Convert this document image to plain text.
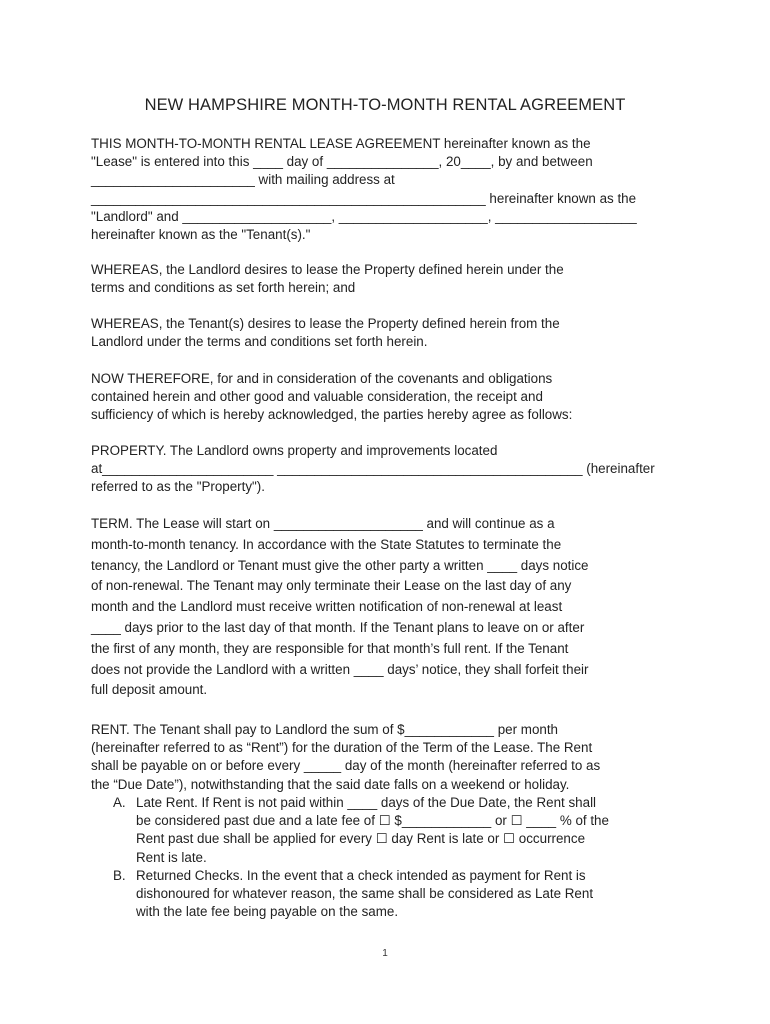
NEW HAMPSHIRE MONTH-TO-MONTH RENTAL AGREEMENT
THIS MONTH-TO-MONTH RENTAL LEASE AGREEMENT hereinafter known as the
"Lease" is entered into this ____ day of _______________, 20____, by and between
______________________ with mailing address at
_____________________________________________________ hereinafter known as the
"Landlord" and ____________________, ____________________, ___________________
hereinafter known as the "Tenant(s)."
WHEREAS, the Landlord desires to lease the Property defined herein under the
terms and conditions as set forth herein; and
WHEREAS, the Tenant(s) desires to lease the Property defined herein from the
Landlord under the terms and conditions set forth herein.
NOW THEREFORE, for and in consideration of the covenants and obligations
contained herein and other good and valuable consideration, the receipt and
sufficiency of which is hereby acknowledged, the parties hereby agree as follows:
PROPERTY. The Landlord owns property and improvements located
at_______________________ _________________________________________ (hereinafter
referred to as the "Property").
TERM. The Lease will start on ____________________ and will continue as a
month-to-month tenancy. In accordance with the State Statutes to terminate the
tenancy, the Landlord or Tenant must give the other party a written ____ days notice
of non-renewal. The Tenant may only terminate their Lease on the last day of any
month and the Landlord must receive written notification of non-renewal at least
____ days prior to the last day of that month. If the Tenant plans to leave on or after
the first of any month, they are responsible for that month’s full rent. If the Tenant
does not provide the Landlord with a written ____ days’ notice, they shall forfeit their
full deposit amount.
RENT. The Tenant shall pay to Landlord the sum of $____________ per month
(hereinafter referred to as “Rent”) for the duration of the Term of the Lease. The Rent
shall be payable on or before every _____ day of the month (hereinafter referred to as
the “Due Date”), notwithstanding that the said date falls on a weekend or holiday.
A. Late Rent. If Rent is not paid within ____ days of the Due Date, the Rent shall
be considered past due and a late fee of ☐ $____________ or ☐ ____ % of the
Rent past due shall be applied for every ☐ day Rent is late or ☐ occurrence
Rent is late.
B. Returned Checks. In the event that a check intended as payment for Rent is
dishonoured for whatever reason, the same shall be considered as Late Rent
with the late fee being payable on the same.
1
